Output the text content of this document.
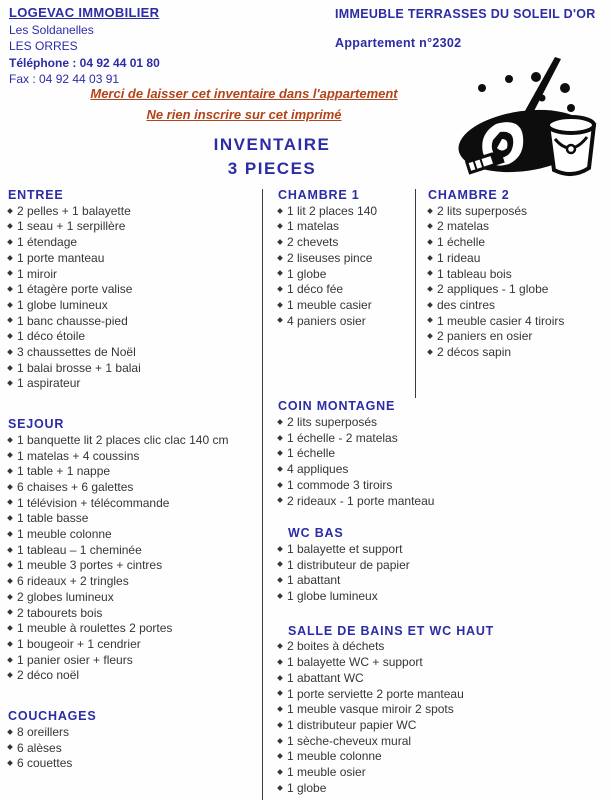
LOGEVAC IMMOBILIER
Les Soldanelles
LES ORRES
Téléphone : 04 92 44 01 80
Fax : 04 92 44 03 91
IMMEUBLE TERRASSES DU SOLEIL D'OR
Appartement n°2302
Merci de laisser cet inventaire dans l'appartement
Ne rien inscrire sur cet imprimé
INVENTAIRE
3 PIECES
ENTREE
2 pelles + 1 balayette
1 seau + 1 serpillère
1 étendage
1 porte manteau
1 miroir
1 étagère porte valise
1 globe lumineux
1 banc chausse-pied
1 déco étoile
3 chaussettes de Noël
1 balai brosse + 1 balai
1 aspirateur
SEJOUR
1 banquette lit 2 places clic clac 140 cm
1 matelas + 4 coussins
1 table + 1 nappe
6 chaises + 6 galettes
1 télévision + télécommande
1 table basse
1 meuble colonne
1 tableau – 1 cheminée
1 meuble 3 portes + cintres
6 rideaux + 2 tringles
2 globes lumineux
2 tabourets bois
1 meuble à roulettes 2 portes
1 bougeoir + 1 cendrier
1 panier osier + fleurs
2 déco noël
COUCHAGES
8 oreillers
6 alèses
6 couettes
CHAMBRE 1
1 lit 2 places 140
1 matelas
2 chevets
2 liseuses pince
1 globe
1 déco fée
1 meuble casier
4 paniers osier
COIN MONTAGNE
2 lits superposés
1 échelle - 2 matelas
1 échelle
4 appliques
1 commode 3 tiroirs
2 rideaux - 1 porte manteau
WC BAS
1 balayette et support
1 distributeur de papier
1 abattant
1 globe lumineux
SALLE DE BAINS ET WC HAUT
2 boites à déchets
1 balayette WC + support
1 abattant WC
1 porte serviette 2 porte manteau
1 meuble vasque miroir 2 spots
1 distributeur papier WC
1 sèche-cheveux mural
1 meuble colonne
1 meuble osier
1 globe
CHAMBRE 2
2 lits superposés
2 matelas
1 échelle
1 rideau
1 tableau bois
2 appliques - 1 globe
des cintres
1 meuble casier 4 tiroirs
2 paniers en osier
2 décos sapin
